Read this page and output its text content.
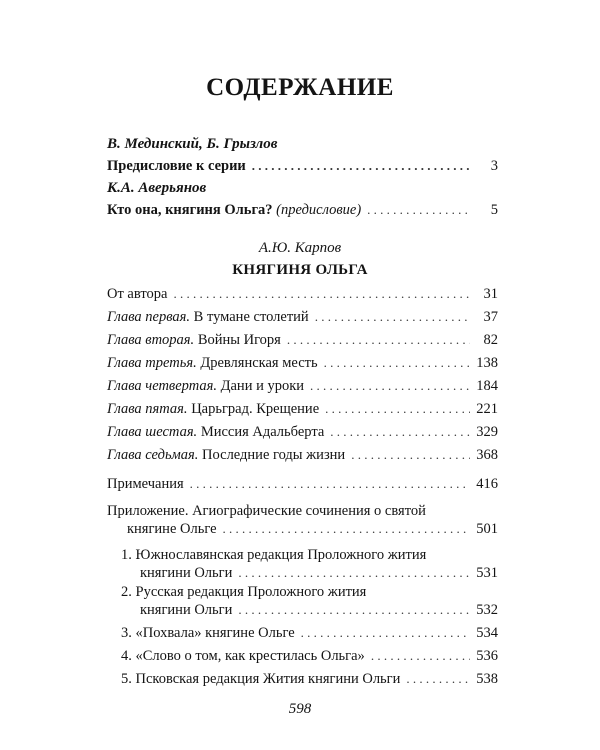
СОДЕРЖАНИЕ
В. Мединский, Б. Грызлов
Предисловие к серии . . .	3
К.А. Аверьянов
Кто она, княгиня Ольга? (предисловие) . . .	5
А.Ю. Карпов
КНЯГИНЯ ОЛЬГА
От автора . . .	31
Глава первая. В тумане столетий . . .	37
Глава вторая. Войны Игоря . . .	82
Глава третья. Древлянская месть . . .	138
Глава четвертая. Дани и уроки . . .	184
Глава пятая. Царьград. Крещение . . .	221
Глава шестая. Миссия Адальберта . . .	329
Глава седьмая. Последние годы жизни . . .	368
Примечания . . .	416
Приложение. Агиографические сочинения о святой
княгине Ольге . . .	501
1. Южнославянская редакция Проложного жития
княгини Ольги . . .	531
2. Русская редакция Проложного жития
княгини Ольги . . .	532
3. «Похвала» княгине Ольге . . .	534
4. «Слово о том, как крестилась Ольга» . . .	536
5. Псковская редакция Жития княгини Ольги . . .	538
598
